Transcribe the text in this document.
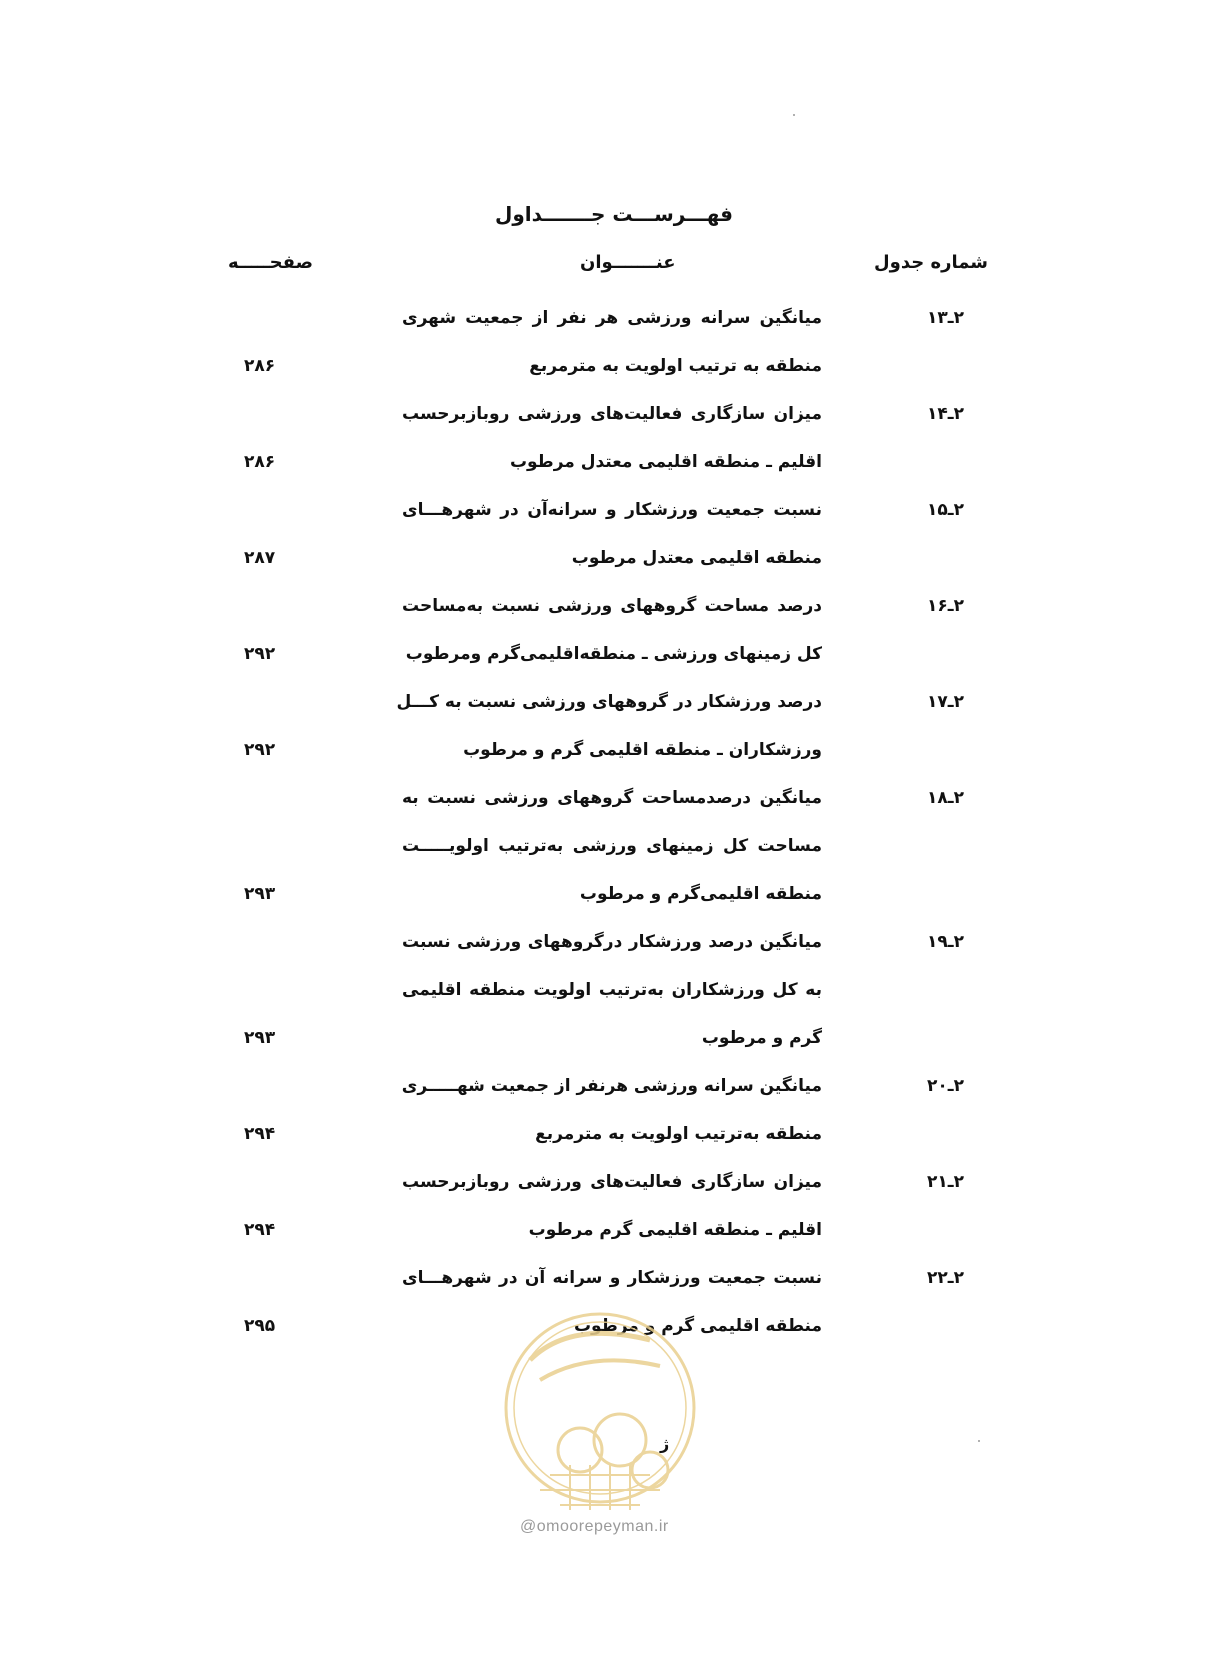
فهـــرســـت جـــــــداول
شماره جدول
عنـــــــوان
صفحـــــه
۲ـ۱۳
میانگین سرانه ورزشی هر نفر از جمعیت شهری
منطقه به ترتیب اولویت به مترمربع
۲۸۶
۲ـ۱۴
میزان سازگاری فعالیت‌های ورزشی روبازبرحسب
اقلیم ـ منطقه اقلیمی معتدل مرطوب
۲۸۶
۲ـ۱۵
نسبت جمعیت ورزشکار و سرانه‌آن در شهرهـــای
منطقه اقلیمی معتدل مرطوب
۲۸۷
۲ـ۱۶
درصد مساحت گروههای ورزشی نسبت به‌مساحت
کل زمینهای ورزشی ـ منطقه‌اقلیمی‌گرم ومرطوب
۲۹۲
۲ـ۱۷
درصد ورزشکار در گروههای ورزشی نسبت به کـــل
ورزشکاران ـ منطقه اقلیمی گرم و مرطوب
۲۹۲
۲ـ۱۸
میانگین درصدمساحت گروههای ورزشی نسبت به
مساحت کل زمینهای ورزشی به‌ترتیب اولویـــــت
منطقه اقلیمی‌گرم و مرطوب
۲۹۳
۲ـ۱۹
میانگین درصد ورزشکار درگروههای ورزشی نسبت
به کل ورزشکاران به‌ترتیب اولویت منطقه اقلیمی
گرم و مرطوب
۲۹۳
۲ـ۲۰
میانگین سرانه ورزشی هرنفر از جمعیت شهـــــری
منطقه به‌ترتیب اولویت به مترمربع
۲۹۴
۲ـ۲۱
میزان سازگاری فعالیت‌های ورزشی روبازبرحسب
اقلیم ـ منطقه اقلیمی گرم مرطوب
۲۹۴
۲ـ۲۲
نسبت جمعیت ورزشکار و سرانه آن در شهرهـــای
منطقه اقلیمی گرم و مرطوب
۲۹۵
ژ
@omoorepeyman.ir
